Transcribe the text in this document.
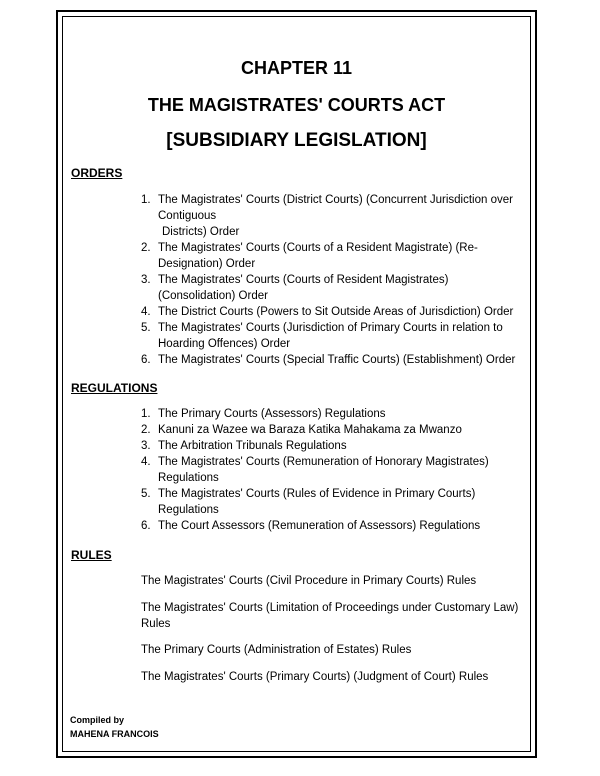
CHAPTER 11
THE MAGISTRATES' COURTS ACT
[SUBSIDIARY LEGISLATION]
ORDERS
1. The Magistrates' Courts (District Courts) (Concurrent Jurisdiction over
Contiguous

Districts) Order
2. The Magistrates' Courts (Courts of a Resident Magistrate) (Re-
Designation) Order
3. The Magistrates' Courts (Courts of Resident Magistrates)
(Consolidation) Order
4. The District Courts (Powers to Sit Outside Areas of Jurisdiction) Order
5. The Magistrates' Courts (Jurisdiction of Primary Courts in relation to
Hoarding Offences) Order
6. The Magistrates' Courts (Special Traffic Courts) (Establishment) Order
REGULATIONS
1. The Primary Courts (Assessors) Regulations
2. Kanuni za Wazee wa Baraza Katika Mahakama za Mwanzo
3. The Arbitration Tribunals Regulations
4. The Magistrates' Courts (Remuneration of Honorary Magistrates)
Regulations
5. The Magistrates' Courts (Rules of Evidence in Primary Courts)
Regulations
6. The Court Assessors (Remuneration of Assessors) Regulations
RULES
The Magistrates' Courts (Civil Procedure in Primary Courts) Rules
The Magistrates' Courts (Limitation of Proceedings under Customary Law)
Rules
The Primary Courts (Administration of Estates) Rules
The Magistrates' Courts (Primary Courts) (Judgment of Court) Rules
Compiled by
MAHENA FRANCOIS
